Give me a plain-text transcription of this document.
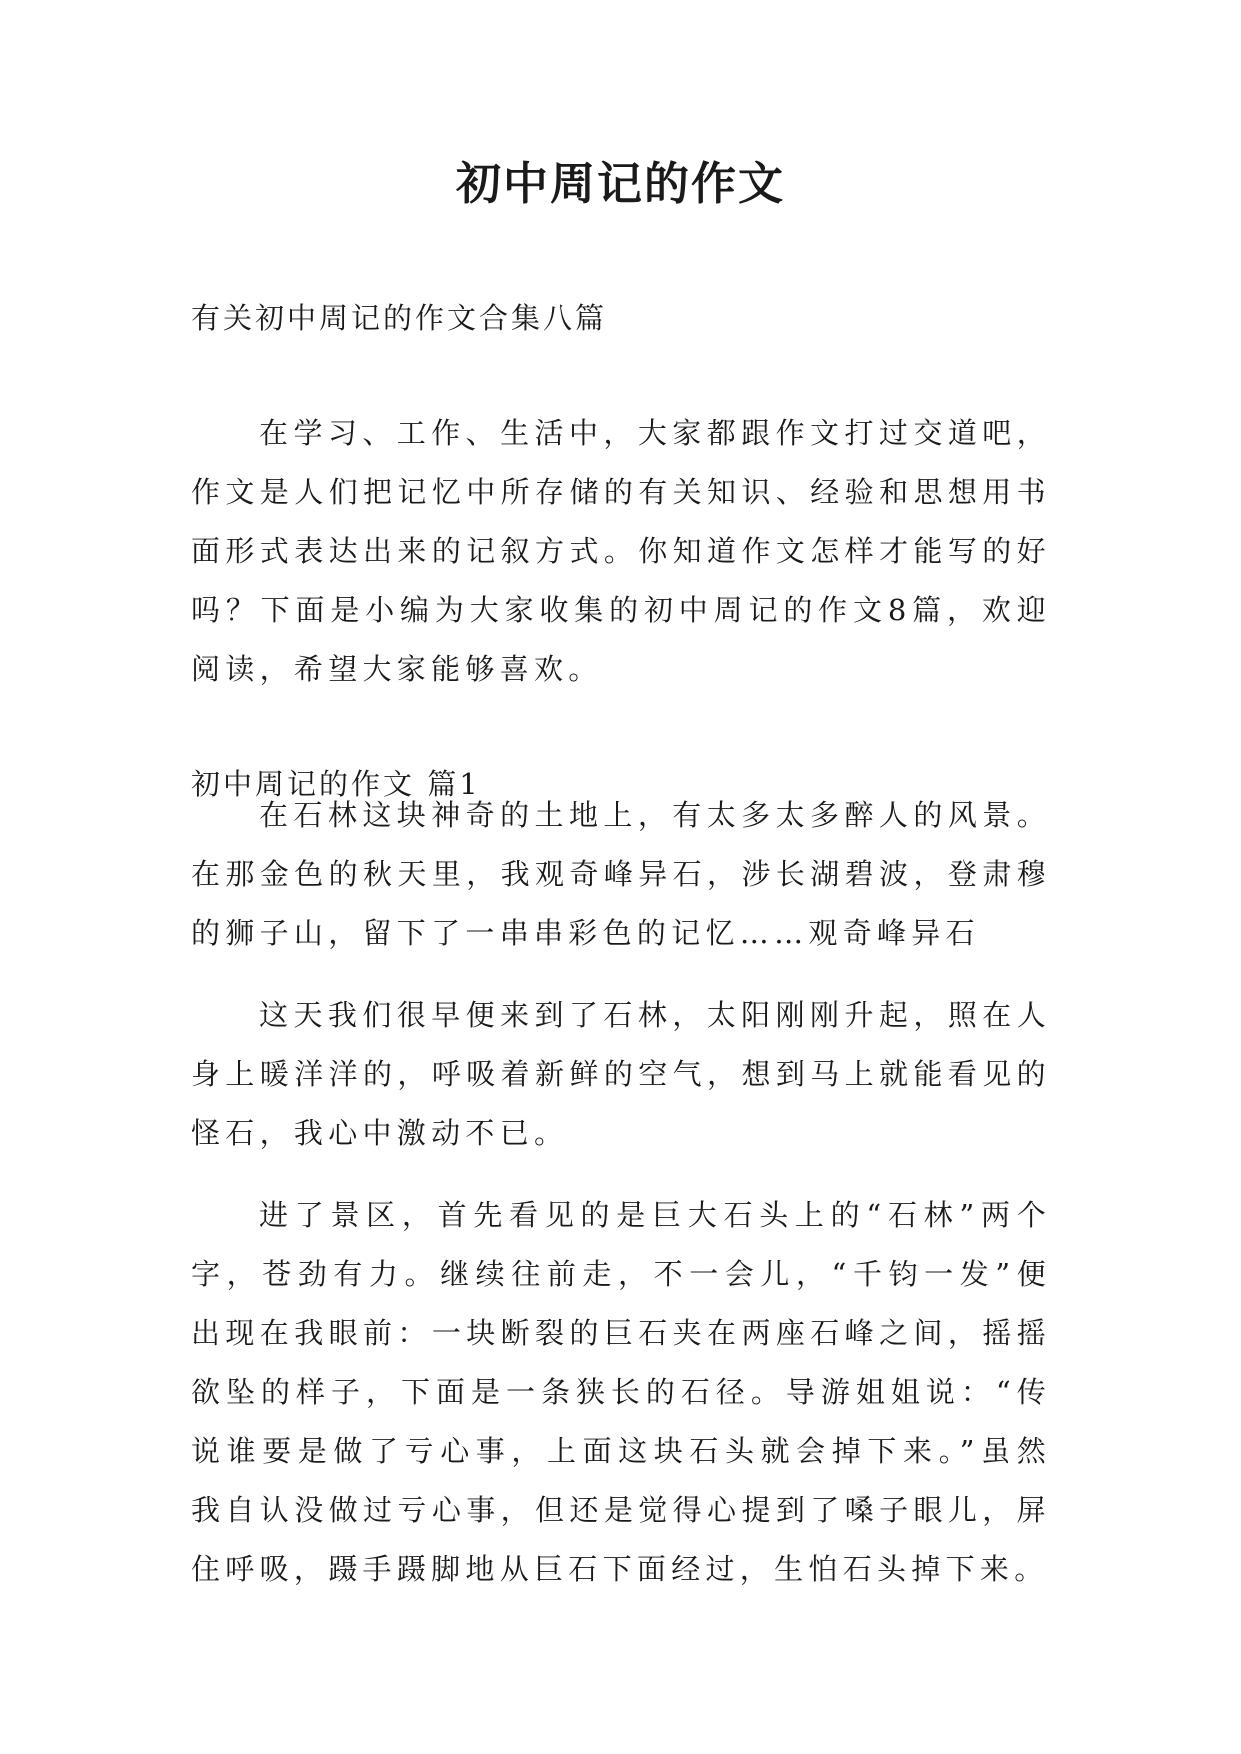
初中周记的作文
有关初中周记的作文合集八篇

在学习、工作、生活中，大家都跟作文打过交道吧，作文是人们把记忆中所存储的有关知识、经验和思想用书面形式表达出来的记叙方式。你知道作文怎样才能写的好吗？下面是小编为大家收集的初中周记的作文8篇，欢迎阅读，希望大家能够喜欢。

初中周记的作文 篇1

在石林这块神奇的土地上，有太多太多醉人的风景。在那金色的秋天里，我观奇峰异石，涉长湖碧波，登肃穆的狮子山，留下了一串串彩色的记忆……观奇峰异石

这天我们很早便来到了石林，太阳刚刚升起，照在人身上暖洋洋的，呼吸着新鲜的空气，想到马上就能看见的怪石，我心中激动不已。

进了景区，首先看见的是巨大石头上的“石林”两个字，苍劲有力。继续往前走，不一会儿，“千钧一发”便出现在我眼前：一块断裂的巨石夹在两座石峰之间，摇摇欲坠的样子，下面是一条狭长的石径。导游姐姐说：“传说谁要是做了亏心事，上面这块石头就会掉下来。”虽然我自认没做过亏心事，但还是觉得心提到了嗓子眼儿，屏住呼吸，蹑手蹑脚地从巨石下面经过，生怕石头掉下来。
